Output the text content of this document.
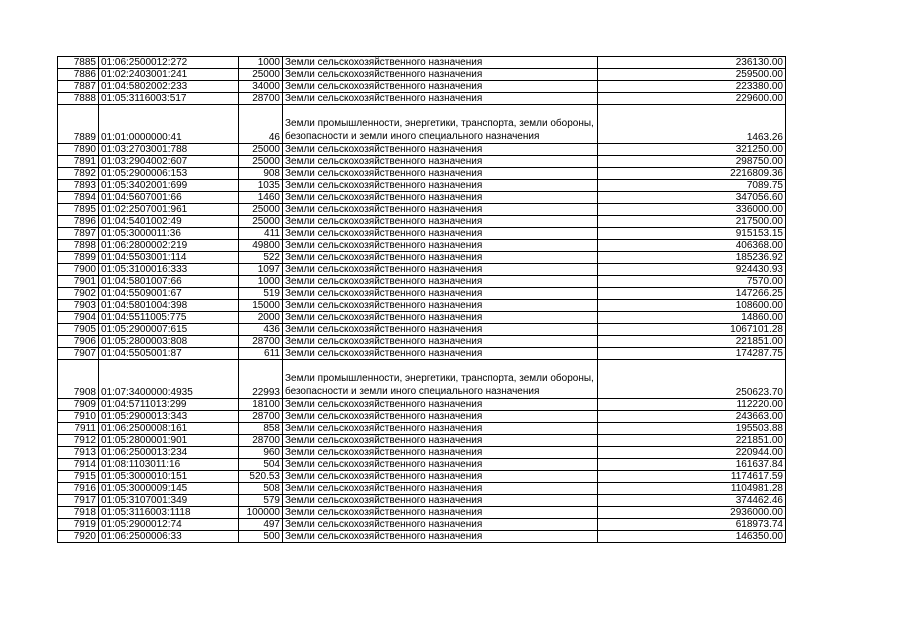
7885	01:06:2500012:272	1000	Земли сельскохозяйственного назначения	236130.00
7886	01:02:2403001:241	25000	Земли сельскохозяйственного назначения	259500.00
7887	01:04:5802002:233	34000	Земли сельскохозяйственного назначения	223380.00
7888	01:05:3116003:517	28700	Земли сельскохозяйственного назначения	229600.00
7889	01:01:0000000:41	46	Земли промышленности, энергетики, транспорта, земли обороны, безопасности и земли иного специального назначения	1463.26
7890	01:03:2703001:788	25000	Земли сельскохозяйственного назначения	321250.00
7891	01:03:2904002:607	25000	Земли сельскохозяйственного назначения	298750.00
7892	01:05:2900006:153	908	Земли сельскохозяйственного назначения	2216809.36
7893	01:05:3402001:699	1035	Земли сельскохозяйственного назначения	7089.75
7894	01:04:5607001:66	1460	Земли сельскохозяйственного назначения	347056.60
7895	01:02:2507001:961	25000	Земли сельскохозяйственного назначения	336000.00
7896	01:04:5401002:49	25000	Земли сельскохозяйственного назначения	217500.00
7897	01:05:3000011:36	411	Земли сельскохозяйственного назначения	915153.15
7898	01:06:2800002:219	49800	Земли сельскохозяйственного назначения	406368.00
7899	01:04:5503001:114	522	Земли сельскохозяйственного назначения	185236.92
7900	01:05:3100016:333	1097	Земли сельскохозяйственного назначения	924430.93
7901	01:04:5801007:66	1000	Земли сельскохозяйственного назначения	7570.00
7902	01:04:5509001:67	519	Земли сельскохозяйственного назначения	147266.25
7903	01:04:5801004:398	15000	Земли сельскохозяйственного назначения	108600.00
7904	01:04:5511005:775	2000	Земли сельскохозяйственного назначения	14860.00
7905	01:05:2900007:615	436	Земли сельскохозяйственного назначения	1067101.28
7906	01:05:2800003:808	28700	Земли сельскохозяйственного назначения	221851.00
7907	01:04:5505001:87	611	Земли сельскохозяйственного назначения	174287.75
7908	01:07:3400000:4935	22993	Земли промышленности, энергетики, транспорта, земли обороны, безопасности и земли иного специального назначения	250623.70
7909	01:04:5711013:299	18100	Земли сельскохозяйственного назначения	112220.00
7910	01:05:2900013:343	28700	Земли сельскохозяйственного назначения	243663.00
7911	01:06:2500008:161	858	Земли сельскохозяйственного назначения	195503.88
7912	01:05:2800001:901	28700	Земли сельскохозяйственного назначения	221851.00
7913	01:06:2500013:234	960	Земли сельскохозяйственного назначения	220944.00
7914	01:08:1103011:16	504	Земли сельскохозяйственного назначения	161637.84
7915	01:05:3000010:151	520.53	Земли сельскохозяйственного назначения	1174617.59
7916	01:05:3000009:145	508	Земли сельскохозяйственного назначения	1104981.28
7917	01:05:3107001:349	579	Земли сельскохозяйственного назначения	374462.46
7918	01:05:3116003:1118	100000	Земли сельскохозяйственного назначения	2936000.00
7919	01:05:2900012:74	497	Земли сельскохозяйственного назначения	618973.74
7920	01:06:2500006:33	500	Земли сельскохозяйственного назначения	146350.00
